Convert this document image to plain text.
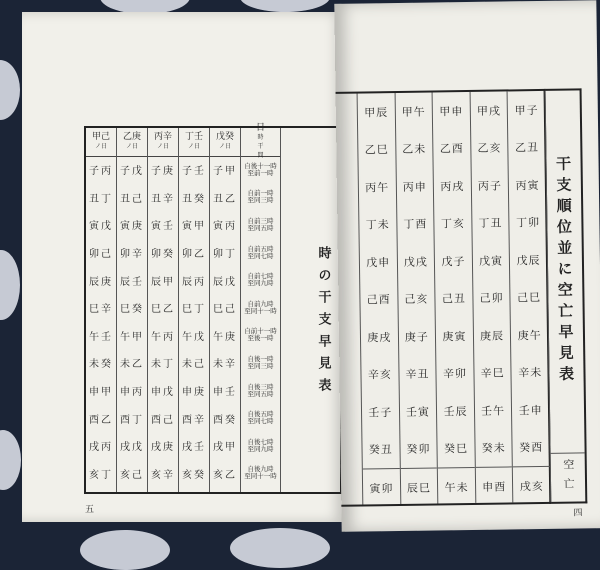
甲己
ノ日
子丙
丑丁
寅戊
卯己
辰庚
巳辛
午壬
未癸
申甲
酉乙
戌丙
亥丁
乙庚
ノ日
子戊
丑己
寅庚
卯辛
辰壬
巳癸
午甲
未乙
申丙
酉丁
戌戊
亥己
丙辛
ノ日
子庚
丑辛
寅壬
卯癸
辰甲
巳乙
午丙
未丁
申戊
酉己
戌庚
亥辛
丁壬
ノ日
子壬
丑癸
寅甲
卯乙
辰丙
巳丁
午戊
未己
申庚
酉辛
戌壬
亥癸
戊癸
ノ日
子甲
丑乙
寅丙
卯丁
辰戊
巳己
午庚
未辛
申壬
酉癸
戌甲
亥乙
日
時
干
間
自後十一時
至前一時
自前一時
至同三時
自前三時
至同五時
自前五時
至同七時
自前七時
至同九時
自前九時
至同十一時
自前十一時
至後一時
自後一時
至同三時
自後三時
至同五時
自後五時
至同七時
自後七時
至同九時
自後九時
至同十一時
時の干支早見表
五
甲辰
乙巳
丙午
丁未
戊申
己酉
庚戌
辛亥
壬子
癸丑
寅卯
甲午
乙未
丙申
丁酉
戊戌
己亥
庚子
辛丑
壬寅
癸卯
辰巳
甲申
乙酉
丙戌
丁亥
戊子
己丑
庚寅
辛卯
壬辰
癸巳
午未
甲戌
乙亥
丙子
丁丑
戊寅
己卯
庚辰
辛巳
壬午
癸未
申酉
甲子
乙丑
丙寅
丁卯
戊辰
己巳
庚午
辛未
壬申
癸酉
戌亥
干支順位並に空亡早見表
空亡
四
